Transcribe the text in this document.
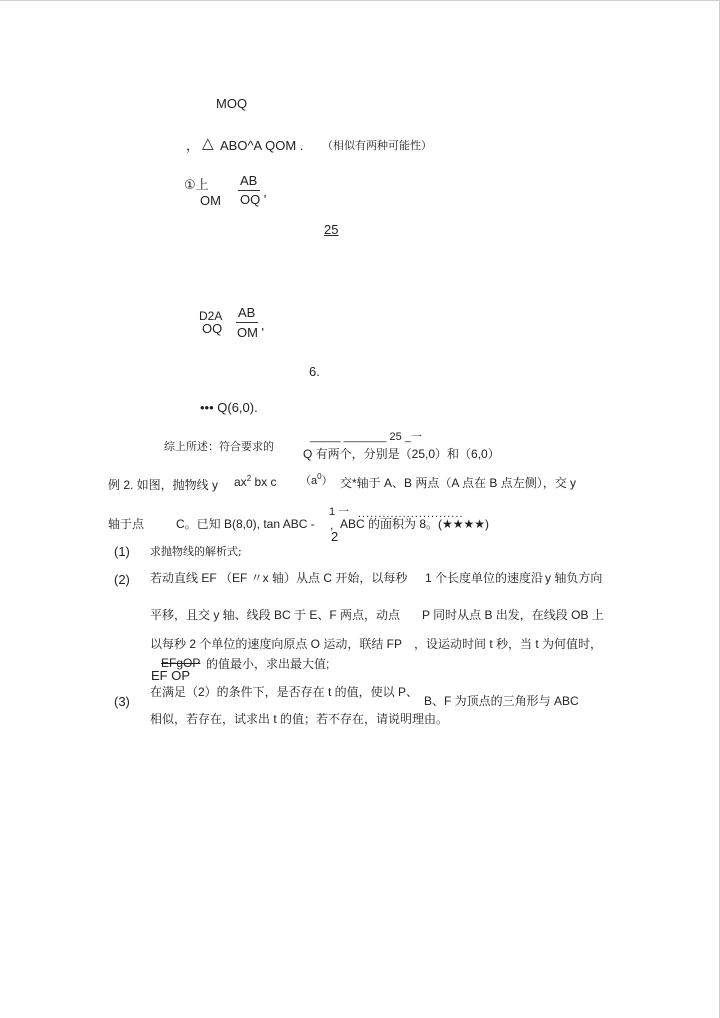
MOQ
， △ ABO^A QOM . （相似有两种可能性）
①上 AB
OM OQ '
25
D2A AB
OQ OM '
6.
••• Q(6,0).
_____ _______ 25 _一
综上所述：符合要求的
Q 有两个，分别是（25,0）和（6,0）
例 2. 如图，抛物线 y $ax^2$ bx c $(a^0)$ 交*轴于 A、B 两点（A 点在 B 点左侧），交 y
轴于点	C。已知 B(8,0), tan ABC -
1 一 ..........................
,
2
ABC 的面积为 8。(★★★★)
(1) 求抛物线的解析式;
(2) 若动直线 EF （EF 〃x 轴）从点 C 开始，以每秒 1 个长度单位的速度沿 y 轴负方向
平移，且交 y 轴、线段 BC 于 E、F 两点，动点 P 同时从点 B 出发，在线段 OB 上
以每秒 2 个单位的速度向原点 O 运动，联结 FP ，设运动时间 t 秒，当 t 为何值时，
EFgOP 的值最小，求出最大值;
EF OP
在满足（2）的条件下，是否存在 t 的值，使以 P、
(3)	B、F 为顶点的三角形与 ABC
相似，若存在，试求出 t 的值；若不存在，请说明理由。
